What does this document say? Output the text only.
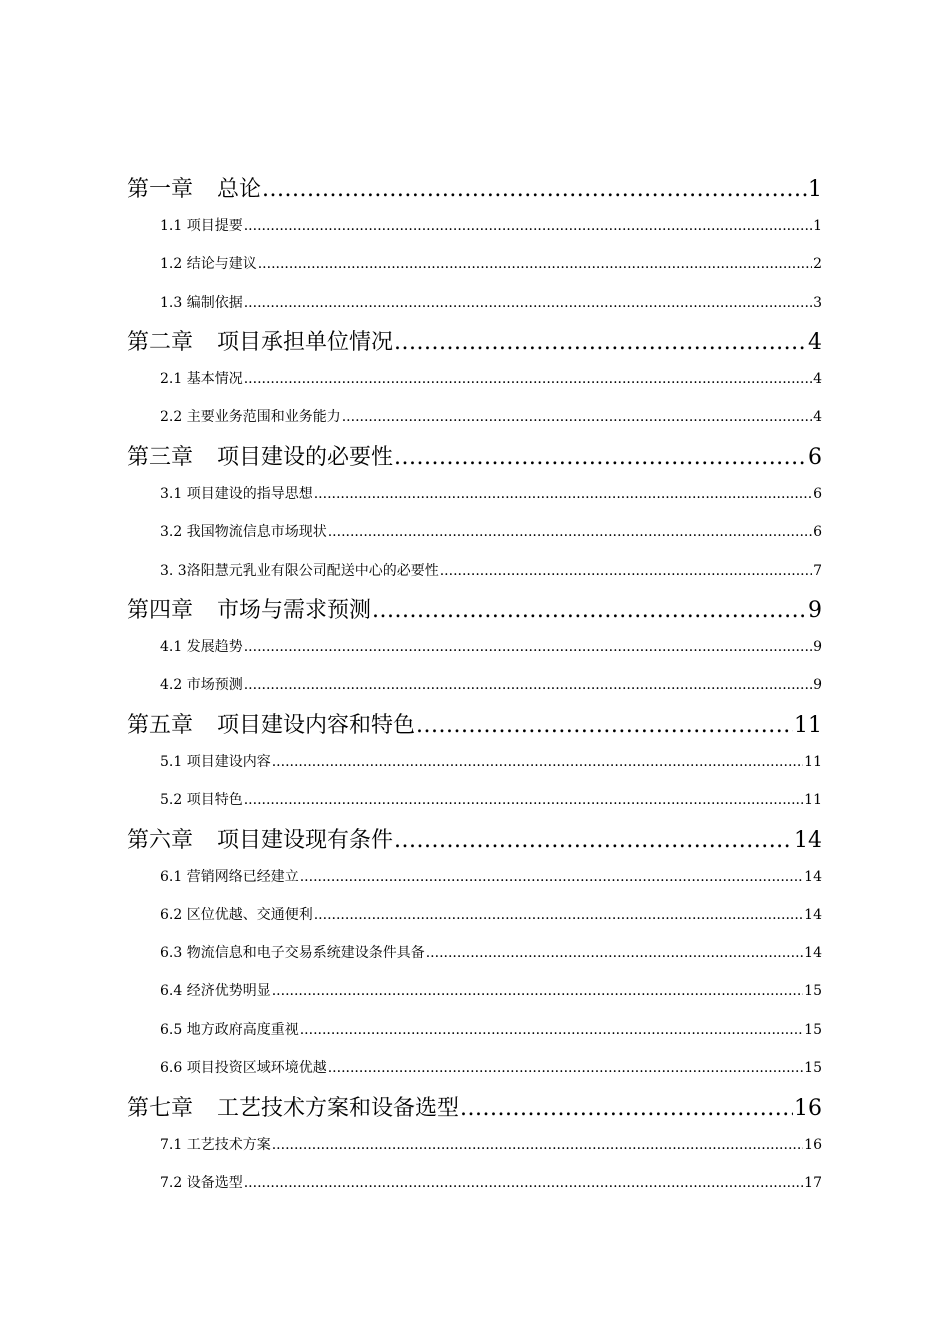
第一章 总论 .....	1
1.1 项目提要 .....	1
1.2 结论与建议 .....	2
1.3 编制依据 .....	3
第二章 项目承担单位情况 .....	4
2.1 基本情况 .....	4
2.2 主要业务范围和业务能力 .....	4
第三章 项目建设的必要性 .....	6
3.1 项目建设的指导思想 .....	6
3.2 我国物流信息市场现状 .....	6
3. 3洛阳慧元乳业有限公司配送中心的必要性 .....	7
第四章 市场与需求预测 .....	9
4.1 发展趋势 .....	9
4.2 市场预测 .....	9
第五章 项目建设内容和特色 .....	11
5.1 项目建设内容 .....	11
5.2 项目特色 .....	11
第六章 项目建设现有条件 .....	14
6.1 营销网络已经建立 .....	14
6.2 区位优越、交通便利 .....	14
6.3 物流信息和电子交易系统建设条件具备 .....	14
6.4 经济优势明显 .....	15
6.5 地方政府高度重视 .....	15
6.6 项目投资区域环境优越 .....	15
第七章 工艺技术方案和设备选型 .....	16
7.1 工艺技术方案 .....	16
7.2 设备选型 .....	17
